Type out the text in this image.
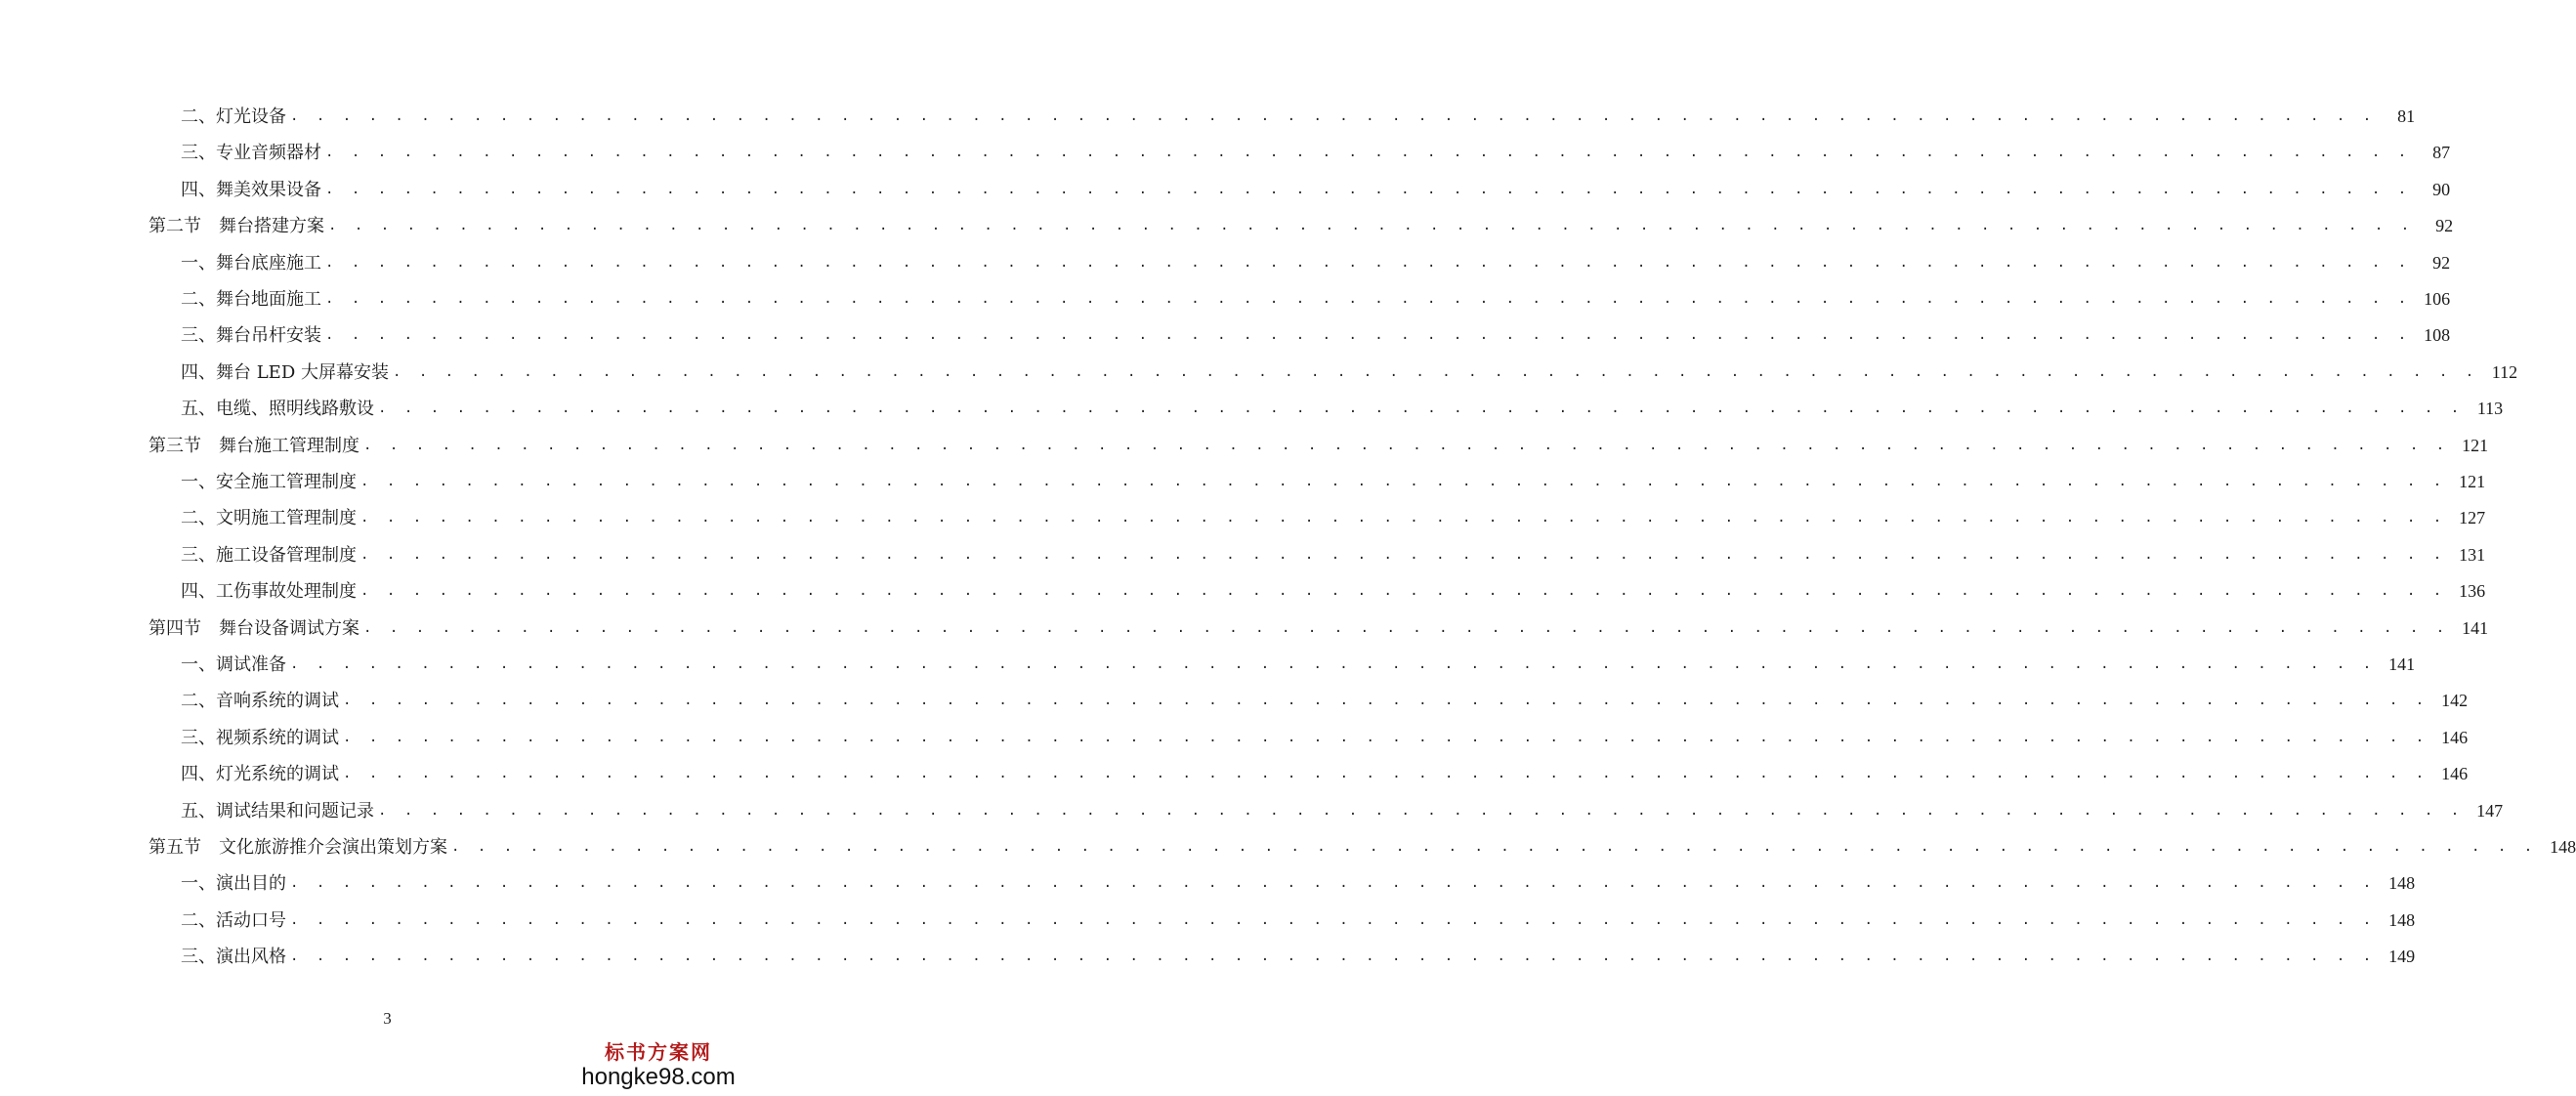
二、灯光设备 . . . . . . . . . . . . . . . . . . . . . . . . . . . . . . . . . . . . . . . . . . . . . . . . . . . . . . . . . . . . . . . . . . . . . . . . . . . . . . . .	81
三、专业音频器材 . . . . . . . . . . . . . . . . . . . . . . . . . . . . . . . . . . . . . . . . . . . . . . . . . . . . . . . . . . . . . . . . . . . . . . . . . . . . . . . .	87
四、舞美效果设备 . . . . . . . . . . . . . . . . . . . . . . . . . . . . . . . . . . . . . . . . . . . . . . . . . . . . . . . . . . . . . . . . . . . . . . . . . . . . . . . .	90
第二节　舞台搭建方案 . . . . . . . . . . . . . . . . . . . . . . . . . . . . . . . . . . . . . . . . . . . . . . . . . . . . . . . . . . . . . . . . . . . . . . . . . . . . . . . .	92
一、舞台底座施工 . . . . . . . . . . . . . . . . . . . . . . . . . . . . . . . . . . . . . . . . . . . . . . . . . . . . . . . . . . . . . . . . . . . . . . . . . . . . . . . .	92
二、舞台地面施工 . . . . . . . . . . . . . . . . . . . . . . . . . . . . . . . . . . . . . . . . . . . . . . . . . . . . . . . . . . . . . . . . . . . . . . . . . . . . . . . . 106
三、舞台吊杆安装 . . . . . . . . . . . . . . . . . . . . . . . . . . . . . . . . . . . . . . . . . . . . . . . . . . . . . . . . . . . . . . . . . . . . . . . . . . . . . . . . 108
四、舞台 LED 大屏幕安装 . . . . . . . . . . . . . . . . . . . . . . . . . . . . . . . . . . . . . . . . . . . . . . . . . . . . . . . . . . . . . . . . . . . . . . . . . . . . . . . . 112
五、电缆、照明线路敷设 . . . . . . . . . . . . . . . . . . . . . . . . . . . . . . . . . . . . . . . . . . . . . . . . . . . . . . . . . . . . . . . . . . . . . . . . . . . . . . . . 113
第三节　舞台施工管理制度 . . . . . . . . . . . . . . . . . . . . . . . . . . . . . . . . . . . . . . . . . . . . . . . . . . . . . . . . . . . . . . . . . . . . . . . . . . . . . . . . 121
一、安全施工管理制度 . . . . . . . . . . . . . . . . . . . . . . . . . . . . . . . . . . . . . . . . . . . . . . . . . . . . . . . . . . . . . . . . . . . . . . . . . . . . . . . . 121
二、文明施工管理制度 . . . . . . . . . . . . . . . . . . . . . . . . . . . . . . . . . . . . . . . . . . . . . . . . . . . . . . . . . . . . . . . . . . . . . . . . . . . . . . . . 127
三、施工设备管理制度 . . . . . . . . . . . . . . . . . . . . . . . . . . . . . . . . . . . . . . . . . . . . . . . . . . . . . . . . . . . . . . . . . . . . . . . . . . . . . . . . 131
四、工伤事故处理制度 . . . . . . . . . . . . . . . . . . . . . . . . . . . . . . . . . . . . . . . . . . . . . . . . . . . . . . . . . . . . . . . . . . . . . . . . . . . . . . . . 136
第四节　舞台设备调试方案 . . . . . . . . . . . . . . . . . . . . . . . . . . . . . . . . . . . . . . . . . . . . . . . . . . . . . . . . . . . . . . . . . . . . . . . . . . . . . . . . 141
一、调试准备 . . . . . . . . . . . . . . . . . . . . . . . . . . . . . . . . . . . . . . . . . . . . . . . . . . . . . . . . . . . . . . . . . . . . . . . . . . . . . . . . 141
二、音响系统的调试 . . . . . . . . . . . . . . . . . . . . . . . . . . . . . . . . . . . . . . . . . . . . . . . . . . . . . . . . . . . . . . . . . . . . . . . . . . . . . . . . 142
三、视频系统的调试 . . . . . . . . . . . . . . . . . . . . . . . . . . . . . . . . . . . . . . . . . . . . . . . . . . . . . . . . . . . . . . . . . . . . . . . . . . . . . . . . 146
四、灯光系统的调试 . . . . . . . . . . . . . . . . . . . . . . . . . . . . . . . . . . . . . . . . . . . . . . . . . . . . . . . . . . . . . . . . . . . . . . . . . . . . . . . . 146
五、调试结果和问题记录 . . . . . . . . . . . . . . . . . . . . . . . . . . . . . . . . . . . . . . . . . . . . . . . . . . . . . . . . . . . . . . . . . . . . . . . . . . . . . . . . 147
第五节　文化旅游推介会演出策划方案 . . . . . . . . . . . . . . . . . . . . . . . . . . . . . . . . . . . . . . . . . . . . . . . . . . . . . . . . . . . . . . . . . . . . . . . . . . . . . . . . 148
一、演出目的 . . . . . . . . . . . . . . . . . . . . . . . . . . . . . . . . . . . . . . . . . . . . . . . . . . . . . . . . . . . . . . . . . . . . . . . . . . . . . . . . 148
二、活动口号 . . . . . . . . . . . . . . . . . . . . . . . . . . . . . . . . . . . . . . . . . . . . . . . . . . . . . . . . . . . . . . . . . . . . . . . . . . . . . . . . 148
三、演出风格 . . . . . . . . . . . . . . . . . . . . . . . . . . . . . . . . . . . . . . . . . . . . . . . . . . . . . . . . . . . . . . . . . . . . . . . . . . . . . . . . 149
3
标书方案网
hongke98.com
